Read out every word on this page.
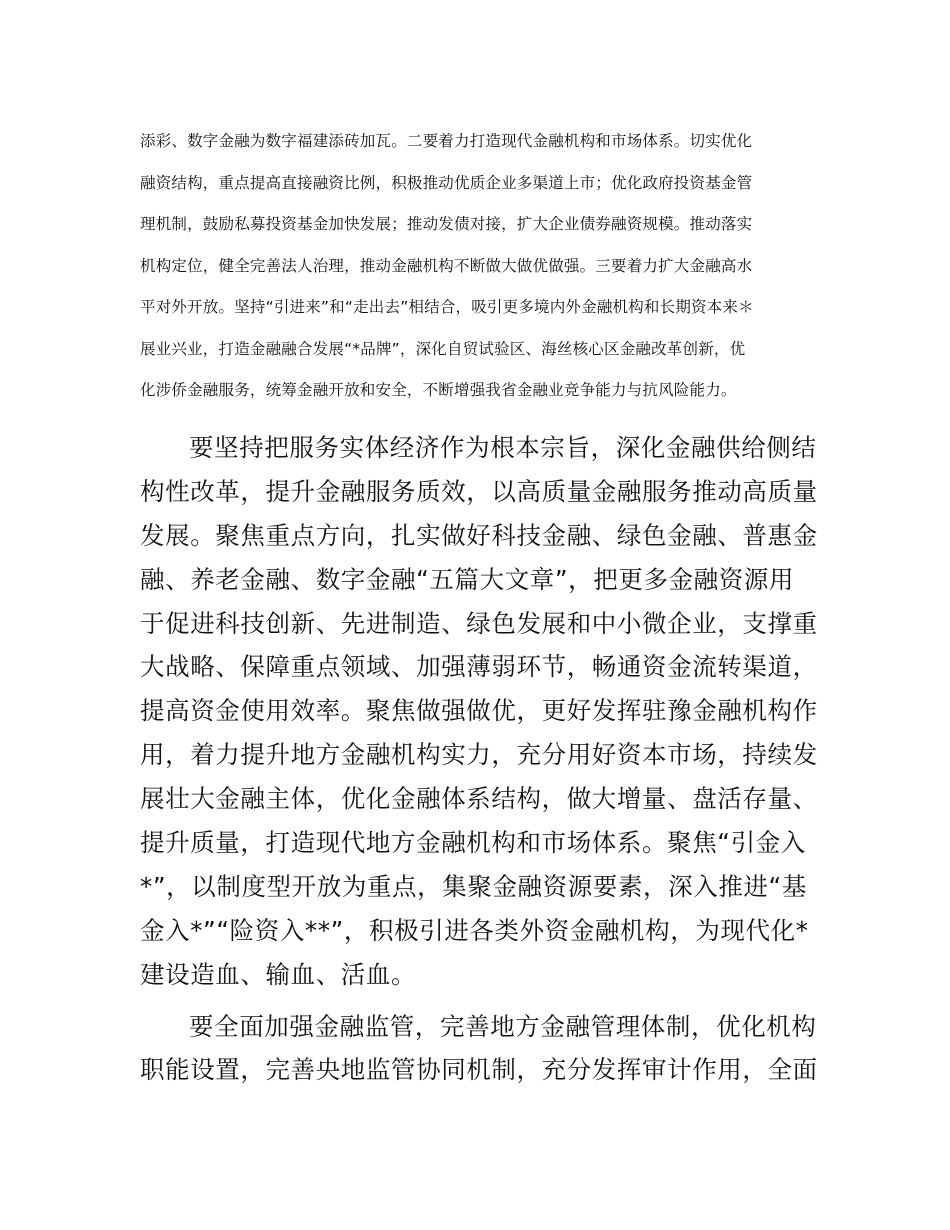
添彩、数字金融为数字福建添砖加瓦。二要着力打造现代金融机构和市场体系。切实优化
融资结构，重点提高直接融资比例，积极推动优质企业多渠道上市；优化政府投资基金管
理机制，鼓励私募投资基金加快发展；推动发债对接，扩大企业债券融资规模。推动落实
机构定位，健全完善法人治理，推动金融机构不断做大做优做强。三要着力扩大金融高水
平对外开放。坚持“引进来”和“走出去”相结合，吸引更多境内外金融机构和长期资本来＊
展业兴业，打造金融融合发展“*品牌”，深化自贸试验区、海丝核心区金融改革创新，优
化涉侨金融服务，统筹金融开放和安全，不断增强我省金融业竞争能力与抗风险能力。
要坚持把服务实体经济作为根本宗旨，深化金融供给侧结
构性改革，提升金融服务质效，以高质量金融服务推动高质量
发展。聚焦重点方向，扎实做好科技金融、绿色金融、普惠金
融、养老金融、数字金融“五篇大文章”，把更多金融资源用
于促进科技创新、先进制造、绿色发展和中小微企业，支撑重
大战略、保障重点领域、加强薄弱环节，畅通资金流转渠道，
提高资金使用效率。聚焦做强做优，更好发挥驻豫金融机构作
用，着力提升地方金融机构实力，充分用好资本市场，持续发
展壮大金融主体，优化金融体系结构，做大增量、盘活存量、
提升质量，打造现代地方金融机构和市场体系。聚焦“引金入
*”，以制度型开放为重点，集聚金融资源要素，深入推进“基
金入*”“险资入**”，积极引进各类外资金融机构，为现代化*
建设造血、输血、活血。
要全面加强金融监管，完善地方金融管理体制，优化机构
职能设置，完善央地监管协同机制，充分发挥审计作用，全面
